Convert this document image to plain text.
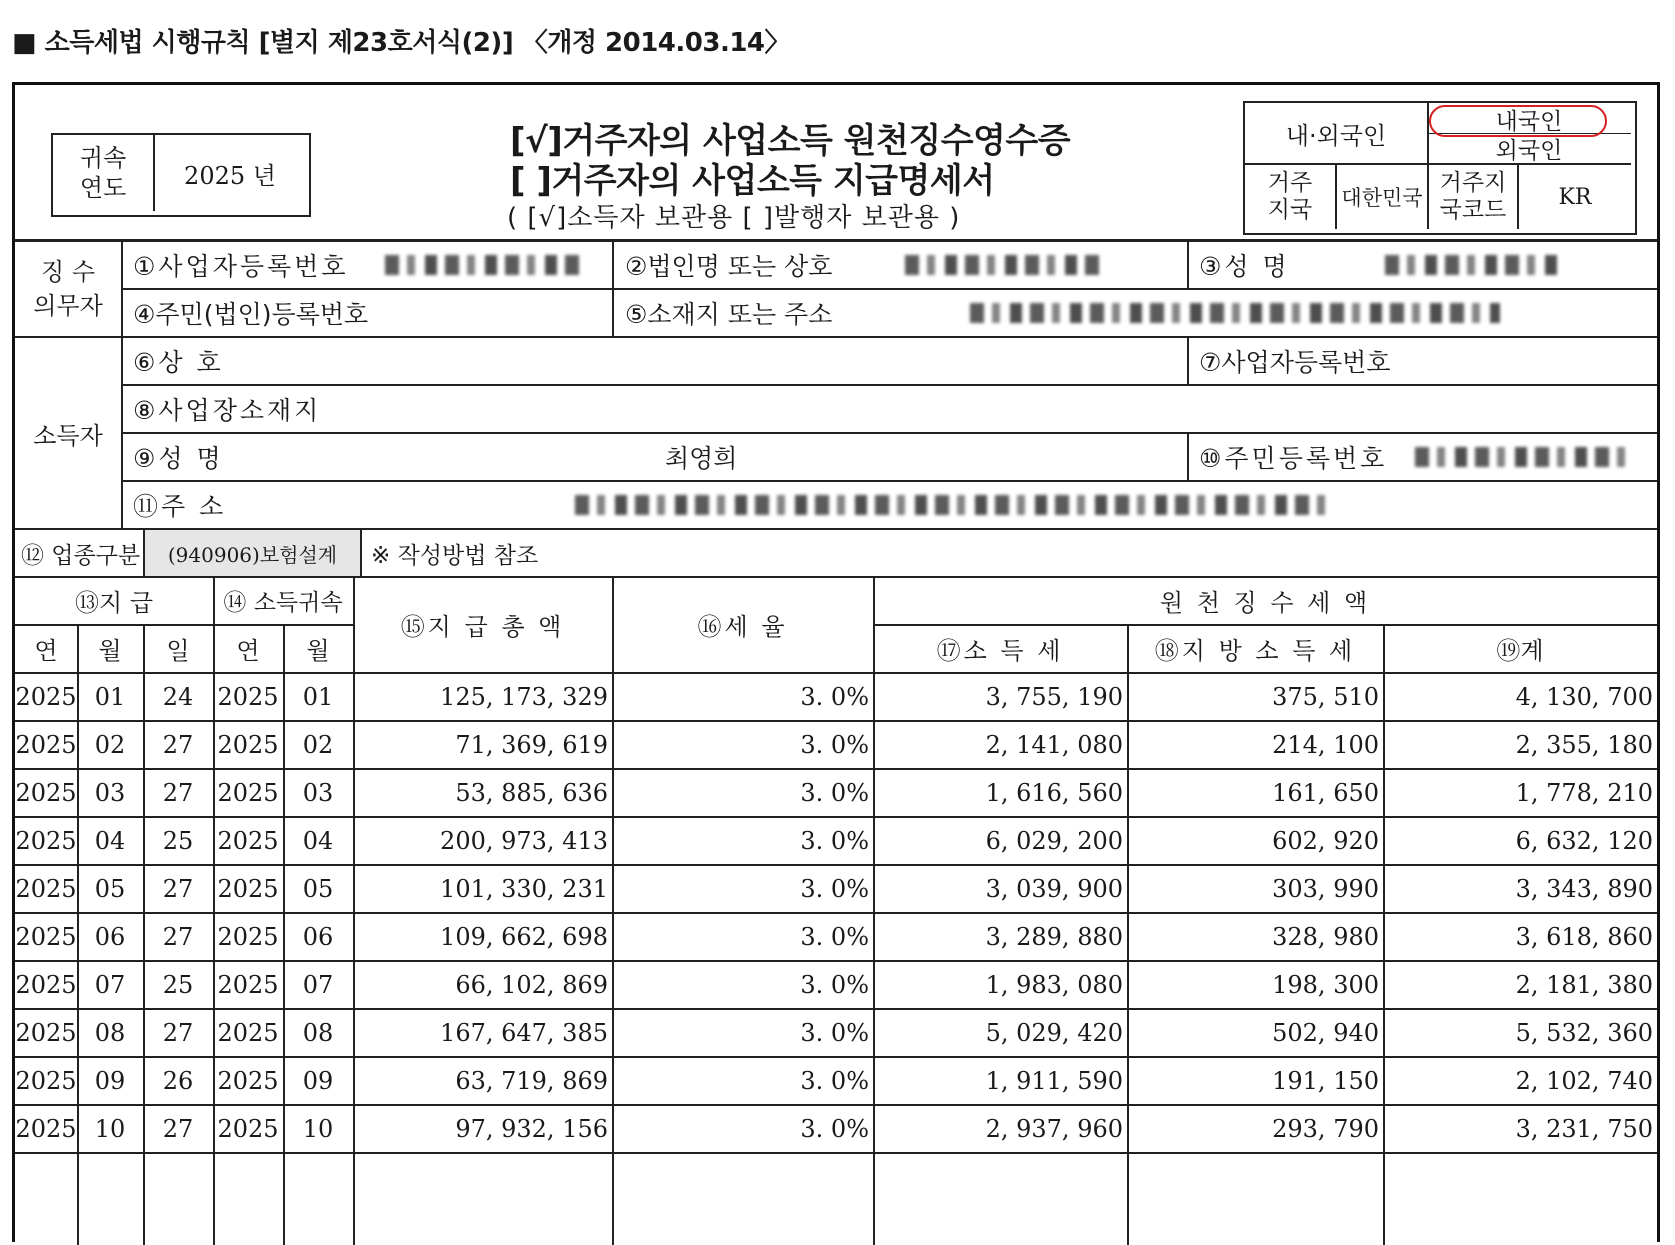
■ 소득세법 시행규칙 [별지 제23호서식(2)] 〈개정 2014.03.14〉
귀속
연도	2025 년
[√]거주자의 사업소득 원천징수영수증
[ ]거주자의 사업소득 지급명세서
( [√]소득자 보관용 [ ]발행자 보관용 )
내·외국인	내국인
외국인
거주
지국 대한민국
거주지
국코드	KR
징 수
의무자
①사업자등록번호	②법인명 또는 상호	③성 명
④주민(법인)등록번호	⑤소재지 또는 주소
소득자
⑥상 호	⑦사업자등록번호
⑧사업장소재지
⑨성 명	최영희	⑩주민등록번호
⑪주 소
⑫ 업종구분	(940906)보험설계	※ 작성방법 참조
⑬지 급	⑭ 소득귀속
⑮지 급 총 액	⑯세 율
원 천 징 수 세 액
⑰소 득 세	⑱지 방 소 득 세	⑲계
연	월	일	연	월
2025 01	24	2025	01	125, 173, 329	3. 0%	3, 755, 190	375, 510	4, 130, 700
2025 02	27	2025	02	71, 369, 619	3. 0%	2, 141, 080	214, 100	2, 355, 180
2025 03	27	2025	03	53, 885, 636	3. 0%	1, 616, 560	161, 650	1, 778, 210
2025 04	25	2025	04	200, 973, 413	3. 0%	6, 029, 200	602, 920	6, 632, 120
2025 05	27	2025	05	101, 330, 231	3. 0%	3, 039, 900	303, 990	3, 343, 890
2025 06	27	2025	06	109, 662, 698	3. 0%	3, 289, 880	328, 980	3, 618, 860
2025 07	25	2025	07	66, 102, 869	3. 0%	1, 983, 080	198, 300	2, 181, 380
2025 08	27	2025	08	167, 647, 385	3. 0%	5, 029, 420	502, 940	5, 532, 360
2025 09	26	2025	09	63, 719, 869	3. 0%	1, 911, 590	191, 150	2, 102, 740
2025 10	27	2025	10	97, 932, 156	3. 0%	2, 937, 960	293, 790	3, 231, 750
